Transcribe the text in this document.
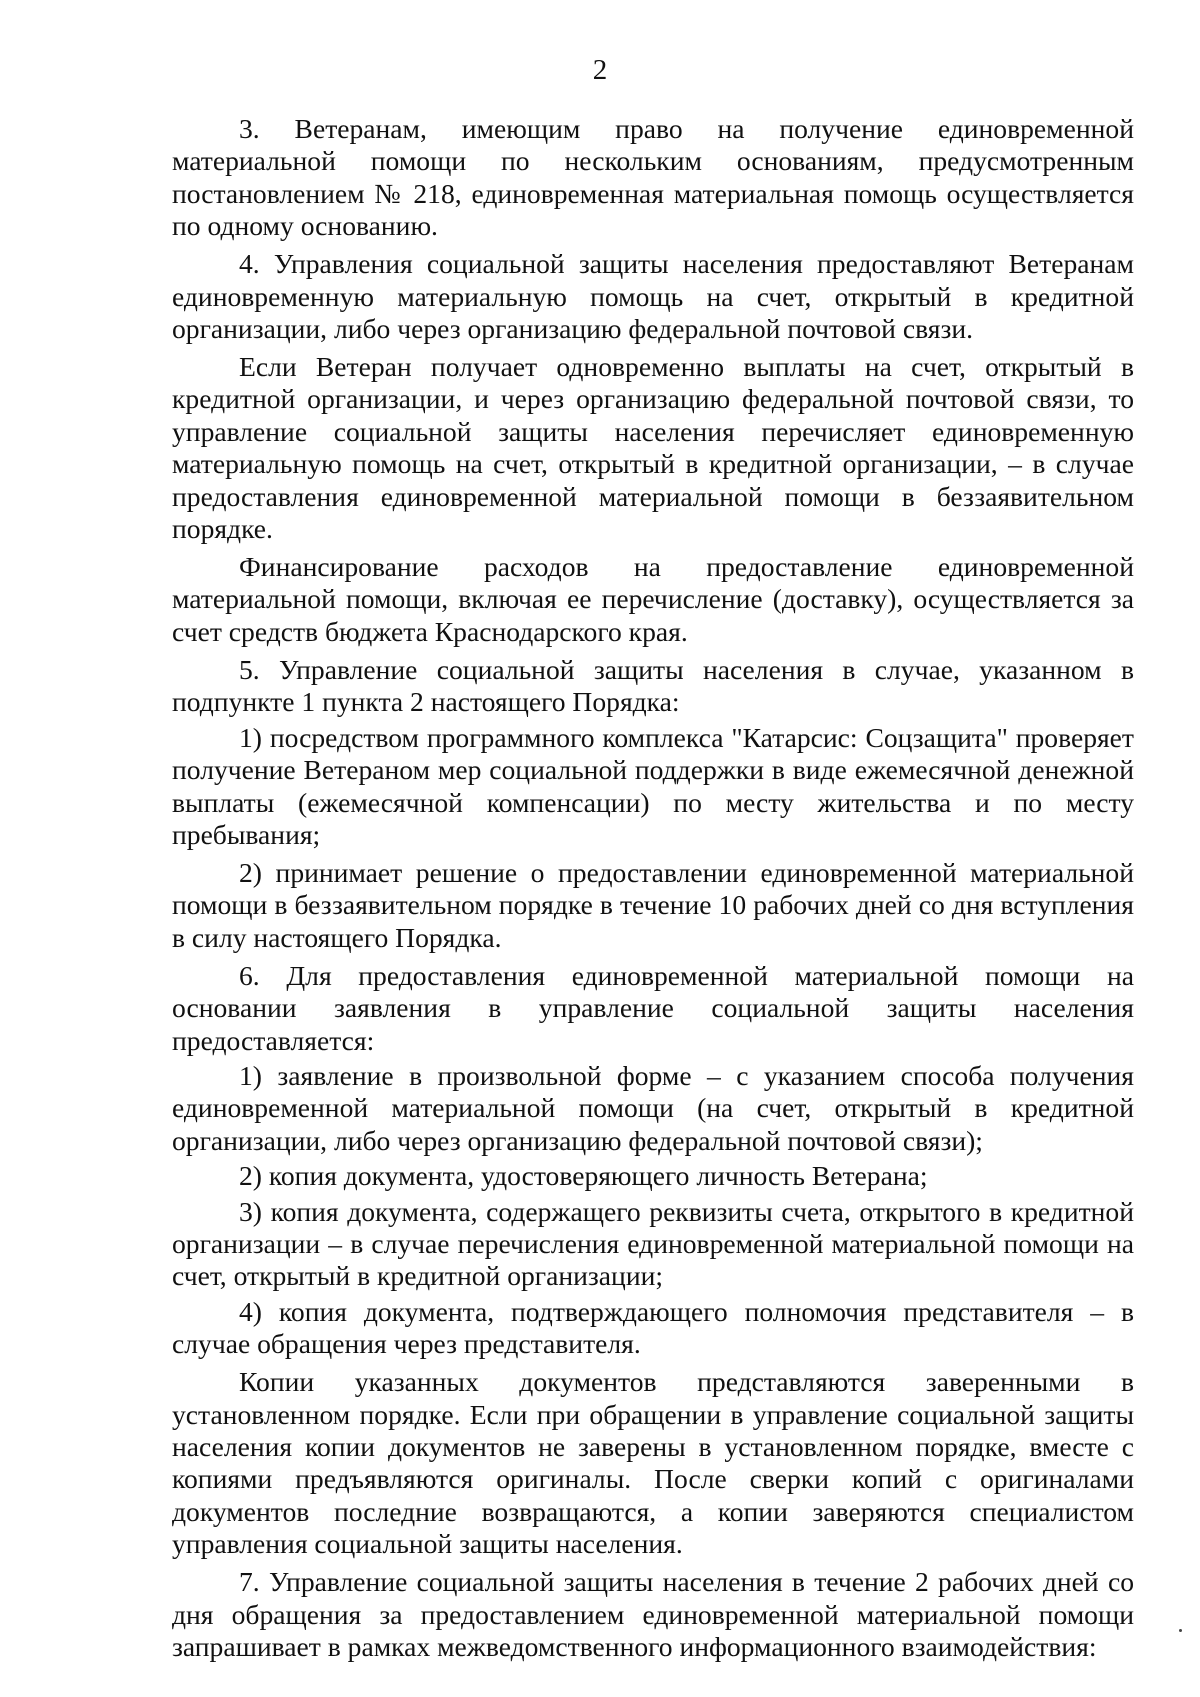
2

3. Ветеранам, имеющим право на получение единовременной материальной помощи по нескольким основаниям, предусмотренным постановлением № 218, единовременная материальная помощь осуществляется по одному основанию.

4. Управления социальной защиты населения предоставляют Ветеранам единовременную материальную помощь на счет, открытый в кредитной организации, либо через организацию федеральной почтовой связи.

Если Ветеран получает одновременно выплаты на счет, открытый в кредитной организации, и через организацию федеральной почтовой связи, то управление социальной защиты населения перечисляет единовременную материальную помощь на счет, открытый в кредитной организации, – в случае предоставления единовременной материальной помощи в беззаявительном порядке.

Финансирование расходов на предоставление единовременной материальной помощи, включая ее перечисление (доставку), осуществляется за счет средств бюджета Краснодарского края.

5. Управление социальной защиты населения в случае, указанном в подпункте 1 пункта 2 настоящего Порядка:

1) посредством программного комплекса "Катарсис: Соцзащита" проверяет получение Ветераном мер социальной поддержки в виде ежемесячной денежной выплаты (ежемесячной компенсации) по месту жительства и по месту пребывания;

2) принимает решение о предоставлении единовременной материальной помощи в беззаявительном порядке в течение 10 рабочих дней со дня вступления в силу настоящего Порядка.

6. Для предоставления единовременной материальной помощи на основании заявления в управление социальной защиты населения предоставляется:

1) заявление в произвольной форме – с указанием способа получения единовременной материальной помощи (на счет, открытый в кредитной организации, либо через организацию федеральной почтовой связи);

2) копия документа, удостоверяющего личность Ветерана;

3) копия документа, содержащего реквизиты счета, открытого в кредитной организации – в случае перечисления единовременной материальной помощи на счет, открытый в кредитной организации;

4) копия документа, подтверждающего полномочия представителя – в случае обращения через представителя.

Копии указанных документов представляются заверенными в установленном порядке. Если при обращении в управление социальной защиты населения копии документов не заверены в установленном порядке, вместе с копиями предъявляются оригиналы. После сверки копий с оригиналами документов последние возвращаются, а копии заверяются специалистом управления социальной защиты населения.

7. Управление социальной защиты населения в течение 2 рабочих дней со дня обращения за предоставлением единовременной материальной помощи запрашивает в рамках межведомственного информационного взаимодействия:
